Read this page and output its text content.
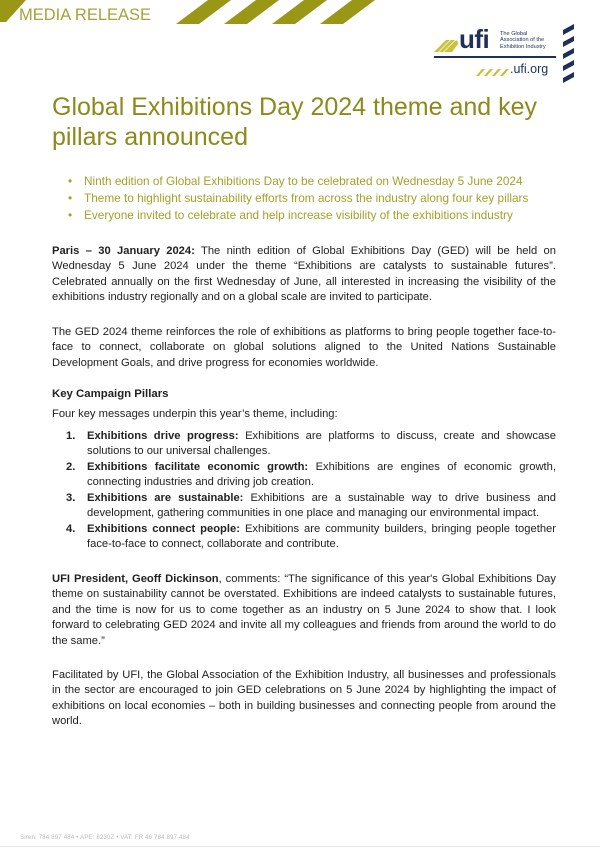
MEDIA RELEASE
ufi The Global
Association of the
Exhibition Industry
.ufi.org
Global Exhibitions Day 2024 theme and key pillars announced
• Ninth edition of Global Exhibitions Day to be celebrated on Wednesday 5 June 2024
• Theme to highlight sustainability efforts from across the industry along four key pillars
• Everyone invited to celebrate and help increase visibility of the exhibitions industry

Paris – 30 January 2024: The ninth edition of Global Exhibitions Day (GED) will be held on Wednesday 5 June 2024 under the theme “Exhibitions are catalysts to sustainable futures”. Celebrated annually on the first Wednesday of June, all interested in increasing the visibility of the exhibitions industry regionally and on a global scale are invited to participate.

The GED 2024 theme reinforces the role of exhibitions as platforms to bring people together face-to-face to connect, collaborate on global solutions aligned to the United Nations Sustainable Development Goals, and drive progress for economies worldwide.

Key Campaign Pillars

Four key messages underpin this year’s theme, including:

1. Exhibitions drive progress: Exhibitions are platforms to discuss, create and showcase solutions to our universal challenges.
2. Exhibitions facilitate economic growth: Exhibitions are engines of economic growth, connecting industries and driving job creation.
3. Exhibitions are sustainable: Exhibitions are a sustainable way to drive business and development, gathering communities in one place and managing our environmental impact.
4. Exhibitions connect people: Exhibitions are community builders, bringing people together face-to-face to connect, collaborate and contribute.

UFI President, Geoff Dickinson, comments: “The significance of this year's Global Exhibitions Day theme on sustainability cannot be overstated. Exhibitions are indeed catalysts to sustainable futures, and the time is now for us to come together as an industry on 5 June 2024 to show that. I look forward to celebrating GED 2024 and invite all my colleagues and friends from around the world to do the same.”

Facilitated by UFI, the Global Association of the Exhibition Industry, all businesses and professionals in the sector are encouraged to join GED celebrations on 5 June 2024 by highlighting the impact of exhibitions on local economies – both in building businesses and connecting people from around the world.

Siren: 784 897 484 • APE: 8230Z • VAT: FR 46 784 897 484
